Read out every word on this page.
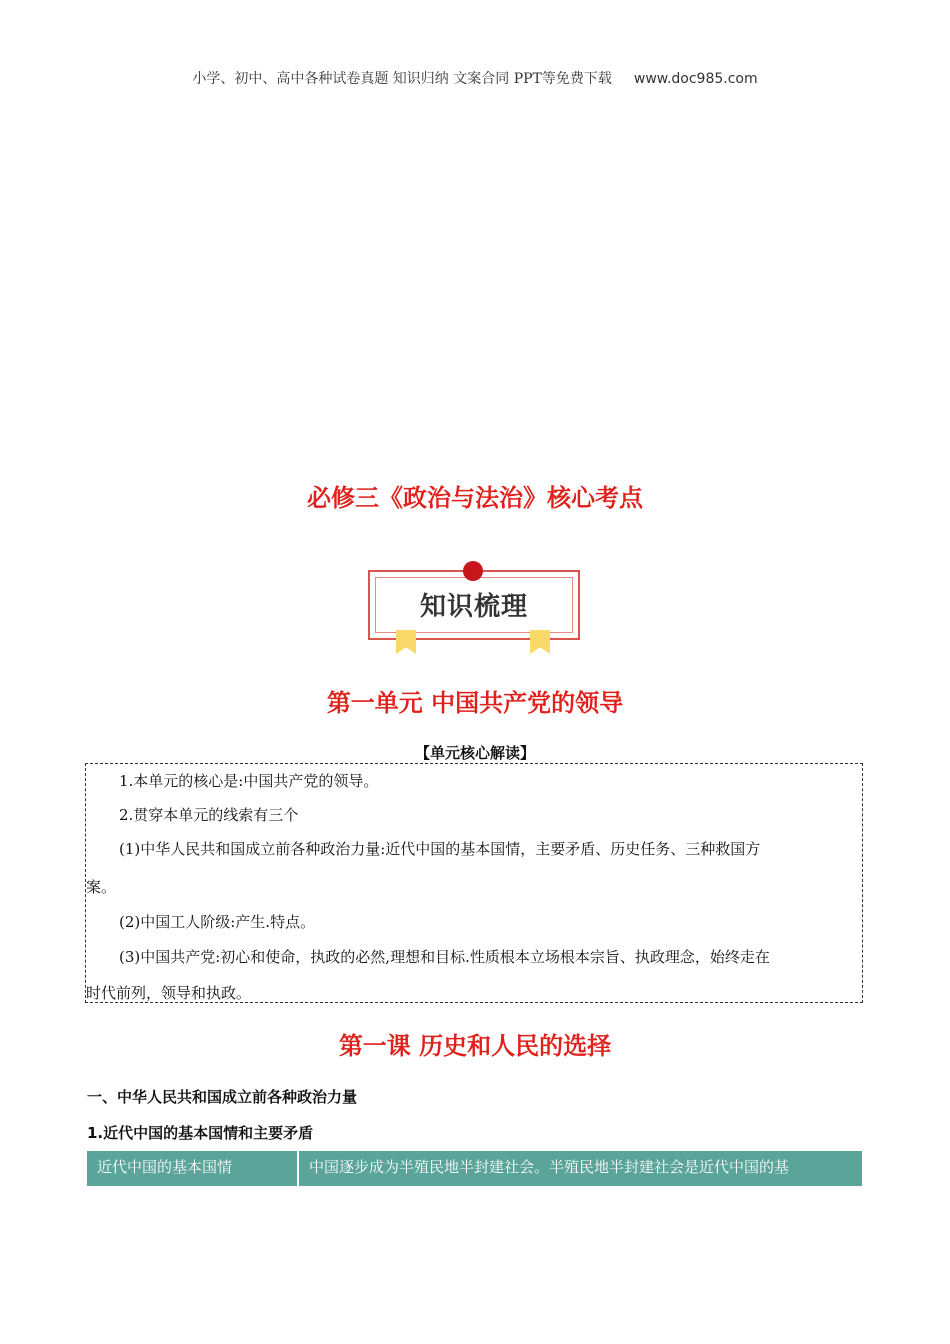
小学、初中、高中各种试卷真题 知识归纳 文案合同 PPT等免费下载 www.doc985.com
必修三《政治与法治》核心考点
知识梳理
第一单元 中国共产党的领导
【单元核心解读】

1.本单元的核心是:中国共产党的领导。

2.贯穿本单元的线索有三个

(1)中华人民共和国成立前各种政治力量:近代中国的基本国情，主要矛盾、历史任务、三种救国方

案。

(2)中国工人阶级:产生.特点。

(3)中国共产党:初心和使命，执政的必然,理想和目标.性质根本立场根本宗旨、执政理念，始终走在

时代前列，领导和执政。

第一课 历史和人民的选择
一、中华人民共和国成立前各种政治力量
1.近代中国的基本国情和主要矛盾
近代中国的基本国情	中国逐步成为半殖民地半封建社会。半殖民地半封建社会是近代中国的基
